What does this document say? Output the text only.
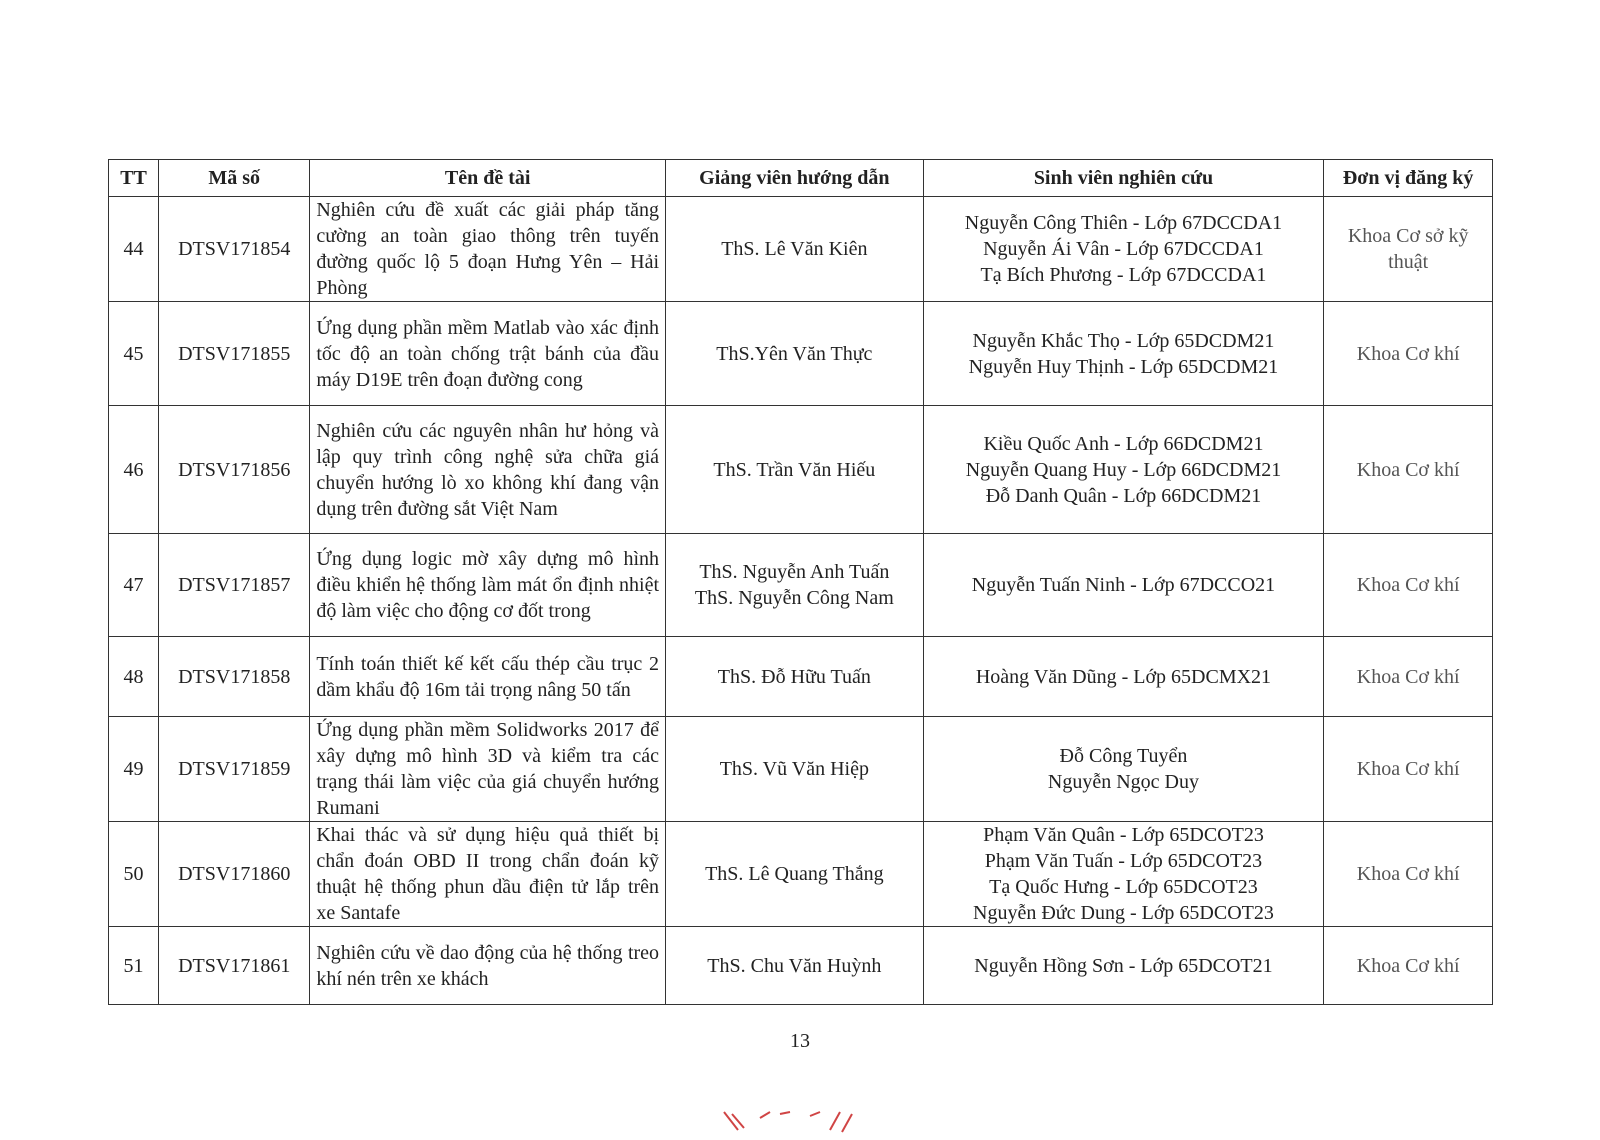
TT	Mã số	Tên đề tài	Giảng viên hướng dẫn	Sinh viên nghiên cứu	Đơn vị đăng ký
44	DTSV171854	Nghiên cứu đề xuất các giải pháp tăng cường an toàn giao thông trên tuyến đường quốc lộ 5 đoạn Hưng Yên – Hải Phòng	ThS. Lê Văn Kiên	Nguyễn Công Thiên - Lớp 67DCCDA1
Nguyễn Ái Vân - Lớp 67DCCDA1
Tạ Bích Phương - Lớp 67DCCDA1	Khoa Cơ sở kỹ thuật
45	DTSV171855	Ứng dụng phần mềm Matlab vào xác định tốc độ an toàn chống trật bánh của đầu máy D19E trên đoạn đường cong	ThS.Yên Văn Thực	Nguyễn Khắc Thọ - Lớp 65DCDM21
Nguyễn Huy Thịnh - Lớp 65DCDM21	Khoa Cơ khí
46	DTSV171856	Nghiên cứu các nguyên nhân hư hỏng và lập quy trình công nghệ sửa chữa giá chuyển hướng lò xo không khí đang vận dụng trên đường sắt Việt Nam	ThS. Trần Văn Hiếu	Kiều Quốc Anh - Lớp 66DCDM21
Nguyễn Quang Huy - Lớp 66DCDM21
Đỗ Danh Quân - Lớp 66DCDM21	Khoa Cơ khí
47	DTSV171857	Ứng dụng logic mờ xây dựng mô hình điều khiển hệ thống làm mát ổn định nhiệt độ làm việc cho động cơ đốt trong	ThS. Nguyễn Anh Tuấn
ThS. Nguyễn Công Nam	Nguyễn Tuấn Ninh - Lớp 67DCCO21	Khoa Cơ khí
48	DTSV171858	Tính toán thiết kế kết cấu thép cầu trục 2 dầm khẩu độ 16m tải trọng nâng 50 tấn	ThS. Đỗ Hữu Tuấn	Hoàng Văn Dũng - Lớp 65DCMX21	Khoa Cơ khí
49	DTSV171859	Ứng dụng phần mềm Solidworks 2017 để xây dựng mô hình 3D và kiểm tra các trạng thái làm việc của giá chuyển hướng Rumani	ThS. Vũ Văn Hiệp	Đỗ Công Tuyển
Nguyễn Ngọc Duy	Khoa Cơ khí
50	DTSV171860	Khai thác và sử dụng hiệu quả thiết bị chẩn đoán OBD II trong chẩn đoán kỹ thuật hệ thống phun dầu điện tử lắp trên xe Santafe	ThS. Lê Quang Thắng	Phạm Văn Quân - Lớp 65DCOT23
Phạm Văn Tuấn - Lớp 65DCOT23
Tạ Quốc Hưng - Lớp 65DCOT23
Nguyễn Đức Dung - Lớp 65DCOT23	Khoa Cơ khí
51	DTSV171861	Nghiên cứu về dao động của hệ thống treo khí nén trên xe khách	ThS. Chu Văn Huỳnh	Nguyễn Hồng Sơn - Lớp 65DCOT21	Khoa Cơ khí
13
